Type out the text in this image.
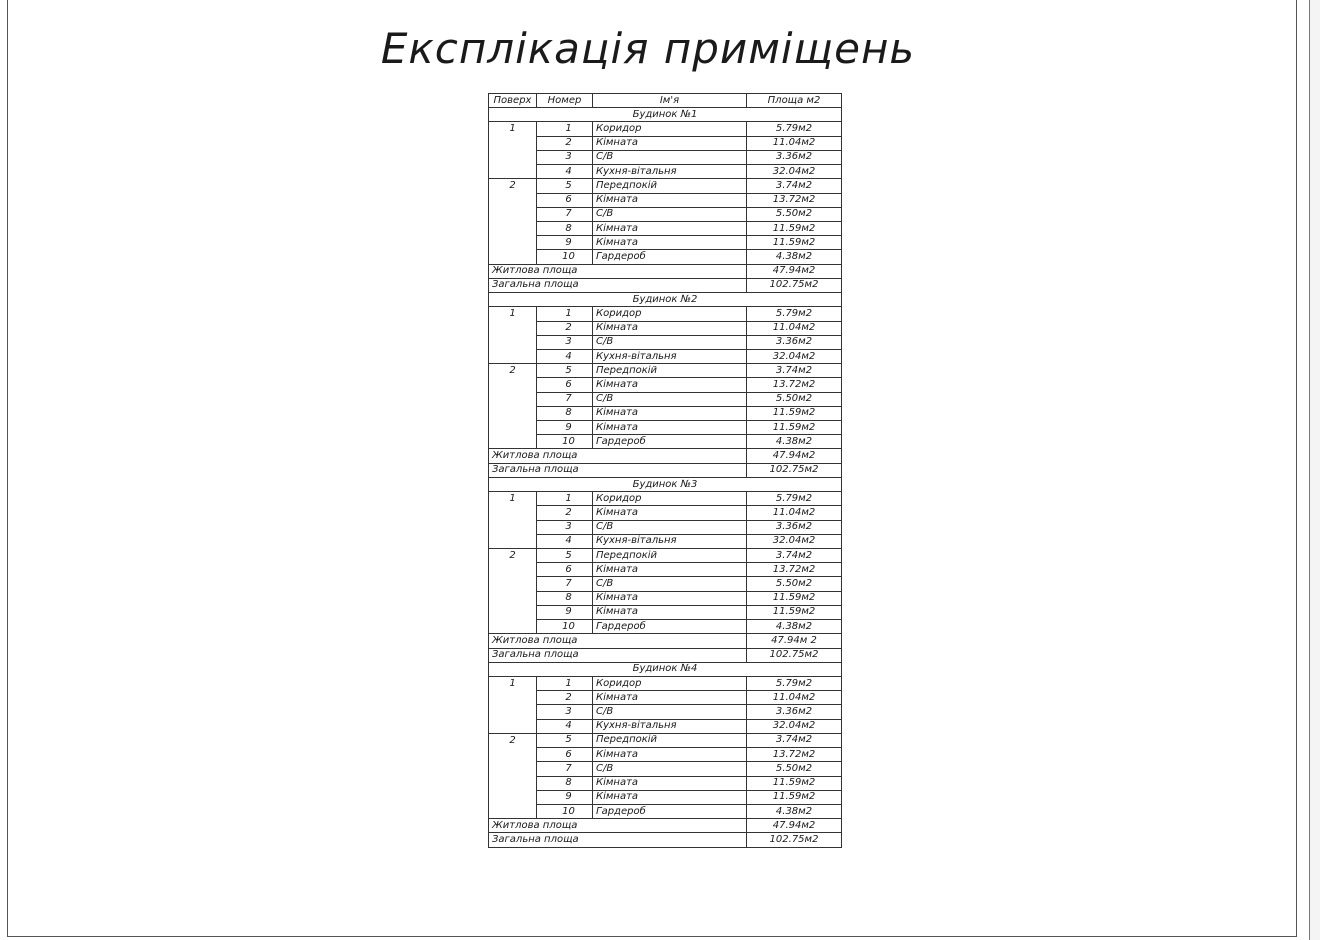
Експлікація приміщень
Поверх	Номер	Ім'я	Площа м2
Будинок №1			
1	1	Коридор	5.79м2
	2	Кімната	11.04м2
	3	С/В	3.36м2
	4	Кухня-вітальня	32.04м2
2	5	Передпокій	3.74м2
	6	Кімната	13.72м2
	7	С/В	5.50м2
	8	Кімната	11.59м2
	9	Кімната	11.59м2
	10	Гардероб	4.38м2
Житлова площа			47.94м2
Загальна площа			102.75м2
Будинок №2			
1	1	Коридор	5.79м2
	2	Кімната	11.04м2
	3	С/В	3.36м2
	4	Кухня-вітальня	32.04м2
2	5	Передпокій	3.74м2
	6	Кімната	13.72м2
	7	С/В	5.50м2
	8	Кімната	11.59м2
	9	Кімната	11.59м2
	10	Гардероб	4.38м2
Житлова площа			47.94м2
Загальна площа			102.75м2
Будинок №3			
1	1	Коридор	5.79м2
	2	Кімната	11.04м2
	3	С/В	3.36м2
	4	Кухня-вітальня	32.04м2
2	5	Передпокій	3.74м2
	6	Кімната	13.72м2
	7	С/В	5.50м2
	8	Кімната	11.59м2
	9	Кімната	11.59м2
	10	Гардероб	4.38м2
Житлова площа			47.94м 2
Загальна площа			102.75м2
Будинок №4			
1	1	Коридор	5.79м2
	2	Кімната	11.04м2
	3	С/В	3.36м2
	4	Кухня-вітальня	32.04м2
2	5	Передпокій	3.74м2
	6	Кімната	13.72м2
	7	С/В	5.50м2
	8	Кімната	11.59м2
	9	Кімната	11.59м2
	10	Гардероб	4.38м2
Житлова площа			47.94м2
Загальна площа			102.75м2
